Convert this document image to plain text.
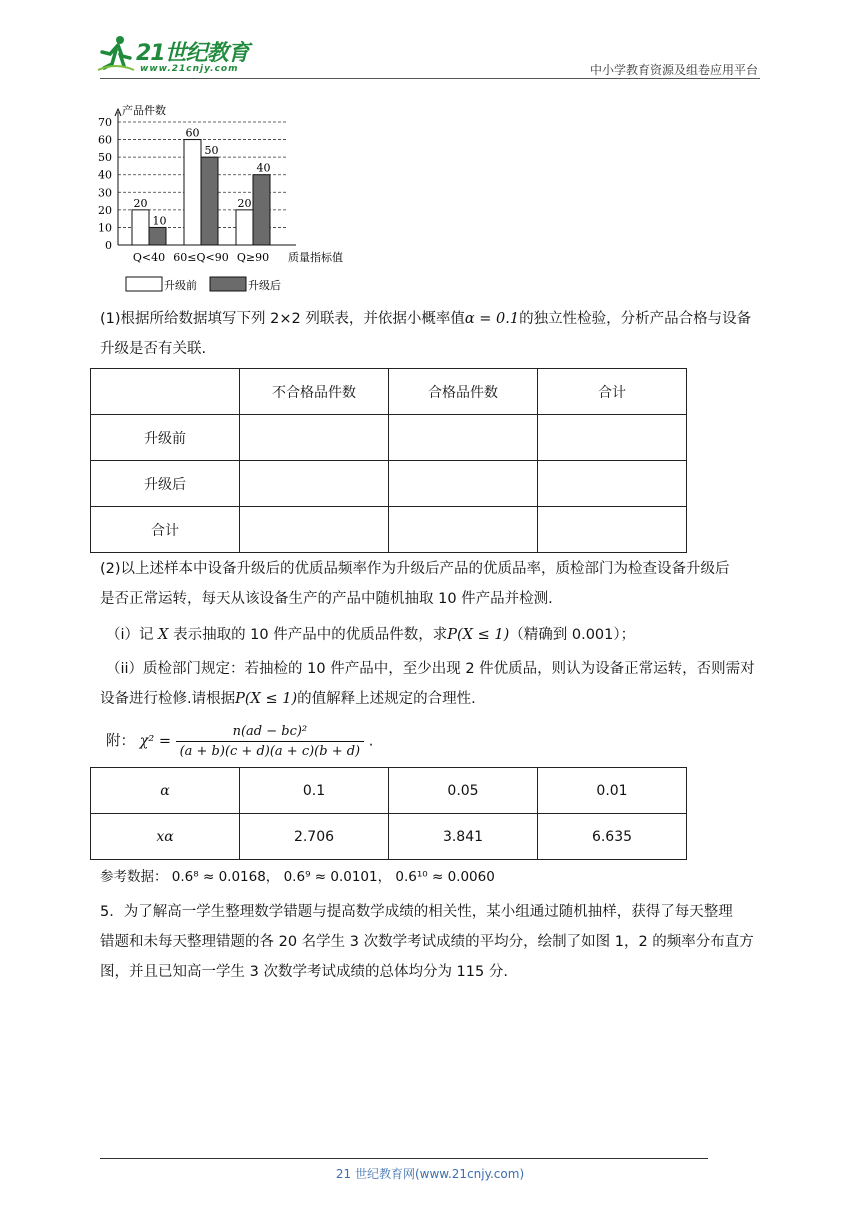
21世纪教育
www.21cnjy.com	中小学教育资源及组卷应用平台
0
10
20
30
40
50
60
70
产品件数
20
10
Q<40
60
50
60≤Q<90
20
40
Q≥90 质量指标值
升级前	升级后
(1)根据所给数据填写下列 2×2 列联表，并依据小概率值α = 0.1的独立性检验，分析产品合格与设备
升级是否有关联.
	不合格品件数	合格品件数	合计
升级前			
升级后			
合计			
(2)以上述样本中设备升级后的优质品频率作为升级后产品的优质品率，质检部门为检查设备升级后
是否正常运转，每天从该设备生产的产品中随机抽取 10 件产品并检测.
（i）记 X 表示抽取的 10 件产品中的优质品件数，求P(X ≤ 1)（精确到 0.001）；
（ii）质检部门规定：若抽检的 10 件产品中，至少出现 2 件优质品，则认为设备正常运转，否则需对
设备进行检修.请根据P(X ≤ 1)的值解释上述规定的合理性.
附： $\chi^2 = \frac{\text{n(ad − bc)²}}{(a + b)(c + d)(a + c)(b + d)}$ .
α	0.1	0.05	0.01
xα	2.706	3.841	6.635
参考数据： 0.6⁸ ≈ 0.0168， 0.6⁹ ≈ 0.0101， 0.6¹⁰ ≈ 0.0060
5．为了解高一学生整理数学错题与提高数学成绩的相关性，某小组通过随机抽样，获得了每天整理
错题和未每天整理错题的各 20 名学生 3 次数学考试成绩的平均分，绘制了如图 1，2 的频率分布直方
图，并且已知高一学生 3 次数学考试成绩的总体均分为 115 分.
21 世纪教育网(www.21cnjy.com)
